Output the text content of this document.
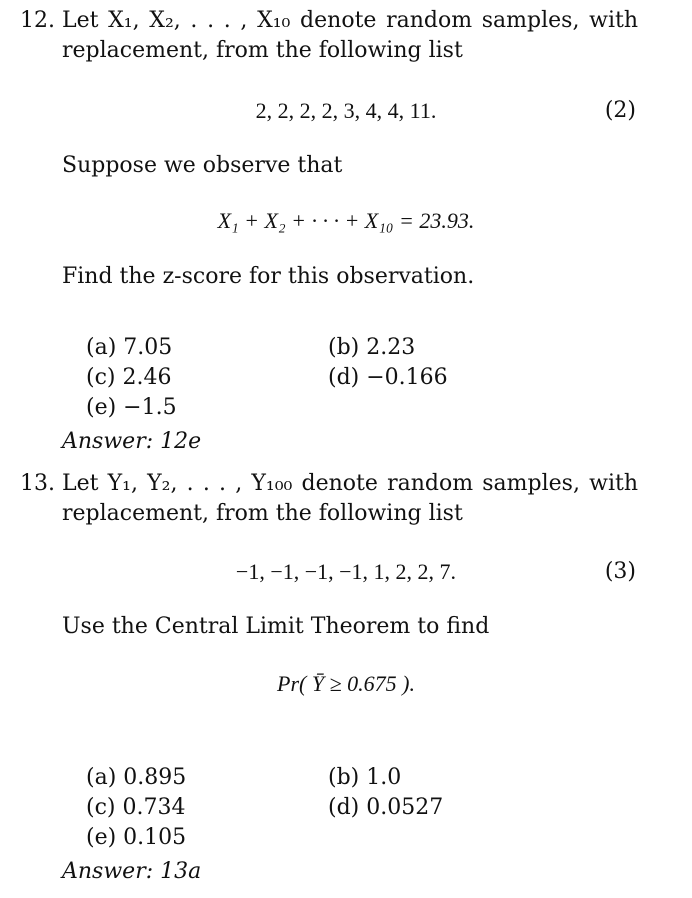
12. Let X₁, X₂, . . . , X₁₀ denote random samples, with
replacement, from the following list
2, 2, 2, 2, 3, 4, 4, 11.	(2)
Suppose we observe that
X₁ + X₂ + · · · + X₁₀ = 23.93.
Find the z-score for this observation.
(a) 7.05	(b) 2.23
(c) 2.46	(d) −0.166
(e) −1.5
Answer: 12e
13. Let Y₁, Y₂, . . . , Y₁₀₀ denote random samples, with
replacement, from the following list
−1, −1, −1, −1, 1, 2, 2, 7.	(3)
Use the Central Limit Theorem to find
Pr( Ȳ ≥ 0.675 ).
(a) 0.895	(b) 1.0
(c) 0.734	(d) 0.0527
(e) 0.105
Answer: 13a
